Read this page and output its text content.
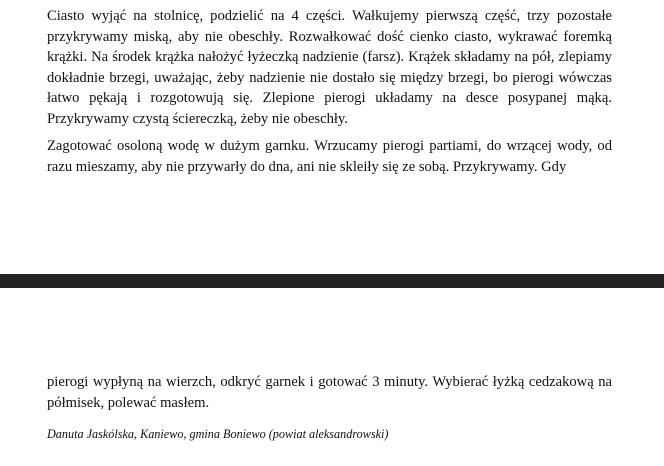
Ciasto wyjąć na stolnicę, podzielić na 4 części. Wałkujemy pierwszą część, trzy pozostałe przykrywamy miską, aby nie obeschły. Rozwałkować dość cienko ciasto, wykrawać foremką krążki. Na środek krążka nałożyć łyżeczką nadzienie (farsz). Krążek składamy na pół, zlepiamy dokładnie brzegi, uważając, żeby nadzienie nie dostało się między brzegi, bo pierogi wówczas łatwo pękają i rozgotowują się. Zlepione pierogi układamy na desce posypanej mąką. Przykrywamy czystą ściereczką, żeby nie obeschły.

Zagotować osoloną wodę w dużym garnku. Wrzucamy pierogi partiami, do wrzącej wody, od razu mieszamy, aby nie przywarły do dna, ani nie skleiły się ze sobą. Przykrywamy. Gdy

pierogi wypłyną na wierzch, odkryć garnek i gotować 3 minuty. Wybierać łyżką cedzakową na półmisek, polewać masłem.

Danuta Jaskólska, Kaniewo, gmina Boniewo (powiat aleksandrowski)
